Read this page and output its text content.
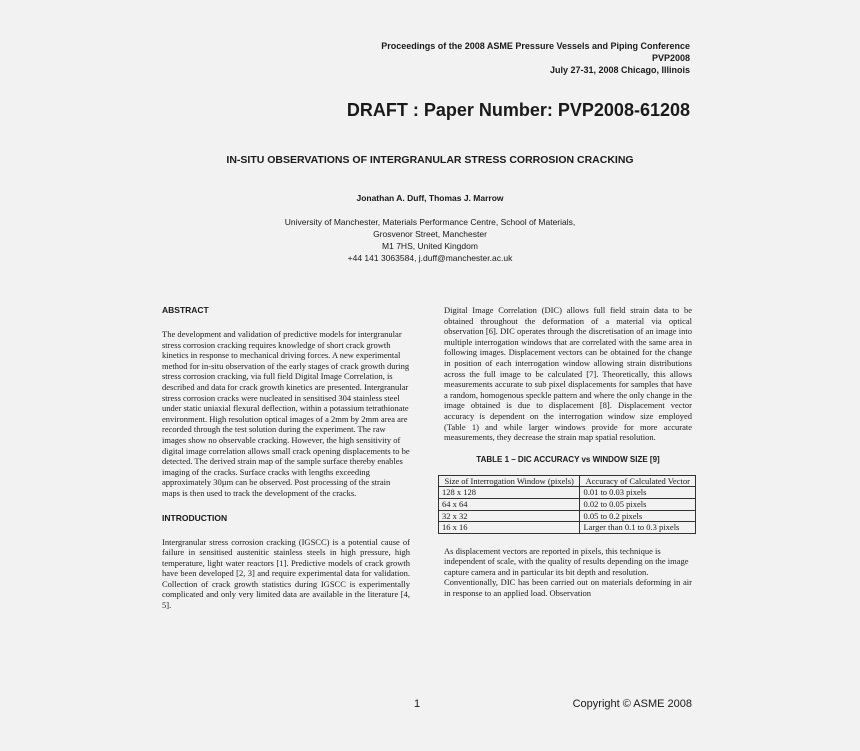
Proceedings of the 2008 ASME Pressure Vessels and Piping Conference
PVP2008
July 27-31, 2008 Chicago, Illinois
DRAFT : Paper Number: PVP2008-61208
IN-SITU OBSERVATIONS OF INTERGRANULAR STRESS CORROSION CRACKING
Jonathan A. Duff, Thomas J. Marrow
University of Manchester, Materials Performance Centre, School of Materials,
Grosvenor Street, Manchester
M1 7HS, United Kingdom
+44 141 3063584, j.duff@manchester.ac.uk
ABSTRACT

The development and validation of predictive models for intergranular stress corrosion cracking requires knowledge of short crack growth kinetics in response to mechanical driving forces. A new experimental method for in-situ observation of the early stages of crack growth during stress corrosion cracking, via full field Digital Image Correlation, is described and data for crack growth kinetics are presented. Intergranular stress corrosion cracks were nucleated in sensitised 304 stainless steel under static uniaxial flexural deflection, within a potassium tetrathionate environment. High resolution optical images of a 2mm by 2mm area are recorded through the test solution during the experiment. The raw images show no observable cracking. However, the high sensitivity of digital image correlation allows small crack opening displacements to be detected. The derived strain map of the sample surface thereby enables imaging of the cracks. Surface cracks with lengths exceeding approximately 30µm can be observed. Post processing of the strain maps is then used to track the development of the cracks.

INTRODUCTION

Intergranular stress corrosion cracking (IGSCC) is a potential cause of failure in sensitised austenitic stainless steels in high pressure, high temperature, light water reactors [1]. Predictive models of crack growth have been developed [2, 3] and require experimental data for validation. Collection of crack growth statistics during IGSCC is experimentally complicated and only very limited data are available in the literature [4, 5].

Digital Image Correlation (DIC) allows full field strain data to be obtained throughout the deformation of a material via optical observation [6]. DIC operates through the discretisation of an image into multiple interrogation windows that are correlated with the same area in following images. Displacement vectors can be obtained for the change in position of each interrogation window allowing strain distributions across the full image to be calculated [7]. Theoretically, this allows measurements accurate to sub pixel displacements for samples that have a random, homogenous speckle pattern and where the only change in the image obtained is due to displacement [8]. Displacement vector accuracy is dependent on the interrogation window size employed (Table 1) and while larger windows provide for more accurate measurements, they decrease the strain map spatial resolution.

TABLE 1 – DIC ACCURACY vs WINDOW SIZE [9]
Size of Interrogation Window (pixels)	Accuracy of Calculated Vector
128 x 128	0.01 to 0.03 pixels
64 x 64	0.02 to 0.05 pixels
32 x 32	0.05 to 0.2 pixels
16 x 16	Larger than 0.1 to 0.3 pixels

As displacement vectors are reported in pixels, this technique is independent of scale, with the quality of results depending on the image capture camera and in particular its bit depth and resolution.

Conventionally, DIC has been carried out on materials deforming in air in response to an applied load. Observation

1	Copyright © ASME 2008
